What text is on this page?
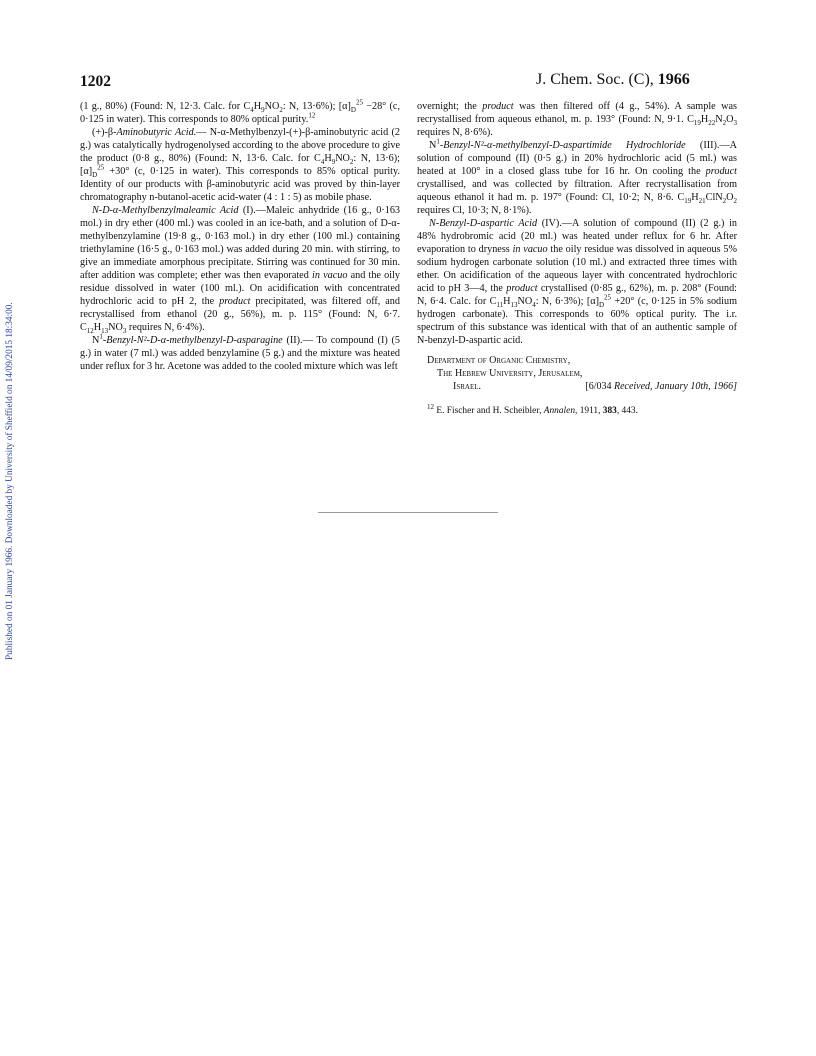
Published on 01 January 1966. Downloaded by University of Sheffield on 14/09/2015 18:34:00.
1202	J. Chem. Soc. (C), 1966

(1 g., 80%) (Found: N, 12·3. Calc. for $C_4H_9NO_2$: N, 13·6%); $[\alpha]_D^{25} -28^\circ$ (c, 0·125 in water). This corresponds to 80% optical purity.$^{12}$

(+)-β-Aminobutyric Acid.— N-α-Methylbenzyl-(+)-β-aminobutyric acid (2 g.) was catalytically hydrogenolysed according to the above procedure to give the product (0·8 g., 80%) (Found: N, 13·6. Calc. for $C_4H_9NO_2$: N, 13·6); $[\alpha]_D^{25} +30^\circ$ (c, 0·125 in water). This corresponds to 85% optical purity. Identity of our products with β-aminobutyric acid was proved by thin-layer chromatography n-butanol-acetic acid-water (4 : 1 : 5) as mobile phase.

N-D-α-Methylbenzylmaleamic Acid (I).—Maleic anhydride (16 g., 0·163 mol.) in dry ether (400 ml.) was cooled in an ice-bath, and a solution of D-α-methylbenzylamine (19·8 g., 0·163 mol.) in dry ether (100 ml.) containing triethylamine (16·5 g., 0·163 mol.) was added during 20 min. with stirring, to give an immediate amorphous precipitate. Stirring was continued for 30 min. after addition was complete; ether was then evaporated in vacuo and the oily residue dissolved in water (100 ml.). On acidification with concentrated hydrochloric acid to pH 2, the product precipitated, was filtered off, and recrystallised from ethanol (20 g., 56%), m. p. 115° (Found: N, 6·7. $C_{12}H_{13}NO_3$ requires N, 6·4%).

$N^1-Benzyl-N^2-D-\alpha-methylbenzyl-D$-asparagine (II).— To compound (I) (5 g.) in water (7 ml.) was added benzylamine (5 g.) and the mixture was heated under reflux for 3 hr. Acetone was added to the cooled mixture which was left

overnight; the product was then filtered off (4 g., 54%). A sample was recrystallised from aqueous ethanol, m. p. 193° (Found: N, 9·1. $C_{19}H_{22}N_2O_3$ requires N, 8·6%).

$N^1-Benzyl-N^2-\alpha-methylbenzyl-D$-aspartimide Hydrochloride (III).—A solution of compound (II) (0·5 g.) in 20% hydrochloric acid (5 ml.) was heated at 100° in a closed glass tube for 16 hr. On cooling the product crystallised, and was collected by filtration. After recrystallisation from aqueous ethanol it had m. p. 197° (Found: Cl, 10·2; N, 8·6. $C_{19}H_{21}ClN_2O_2$ requires Cl, 10·3; N, 8·1%).

N-Benzyl-D-aspartic Acid (IV).—A solution of compound (II) (2 g.) in 48% hydrobromic acid (20 ml.) was heated under reflux for 6 hr. After evaporation to dryness in vacuo the oily residue was dissolved in aqueous 5% sodium hydrogen carbonate solution (10 ml.) and extracted three times with ether. On acidification of the aqueous layer with concentrated hydrochloric acid to pH 3—4, the product crystallised (0·85 g., 62%), m. p. 208° (Found: N, 6·4. Calc. for $C_{11}H_{13}NO_4$: N, 6·3%); $[\alpha]_D^{25} +20^\circ$ (c, 0·125 in 5% sodium hydrogen carbonate). This corresponds to 60% optical purity. The i.r. spectrum of this substance was identical with that of an authentic sample of N-benzyl-D-aspartic acid.

Department of Organic Chemistry,
The Hebrew University, Jerusalem,
Israel.	[6/034 Received, January 10th, 1966]
$^{12}$ E. Fischer and H. Scheibler, Annalen, 1911, 383, 443.
